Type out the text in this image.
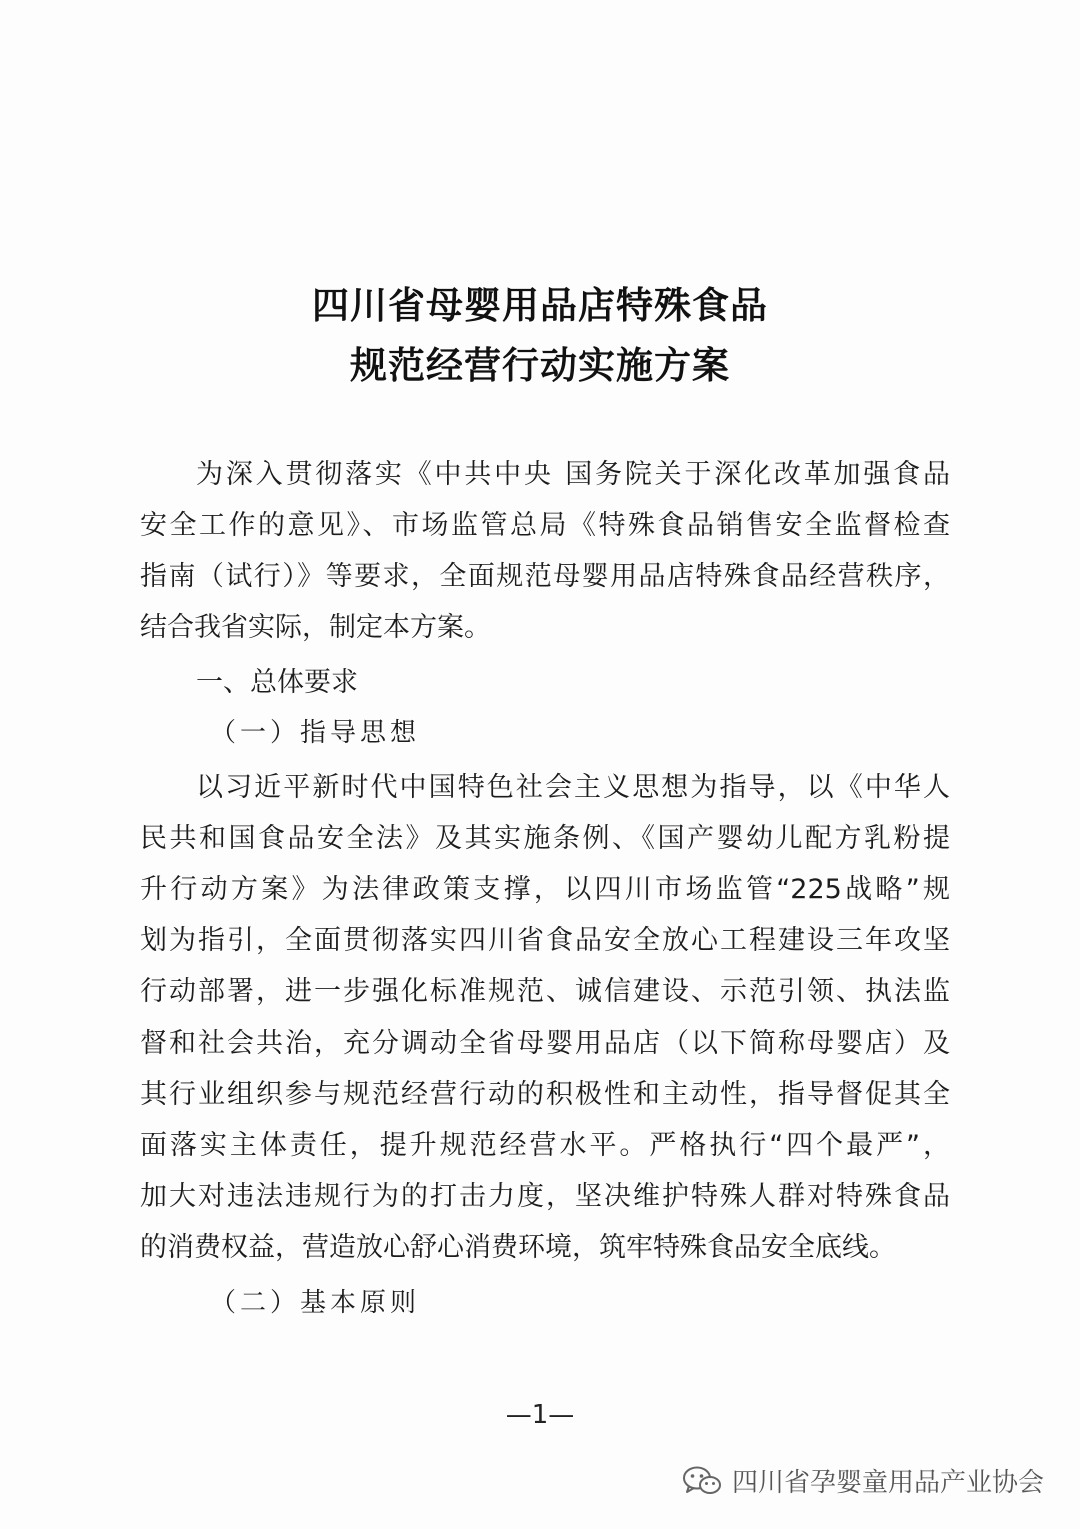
四川省母婴用品店特殊食品
规范经营行动实施方案
为深入贯彻落实《中共中央 国务院关于深化改革加强食品
安全工作的意见》、市场监管总局《特殊食品销售安全监督检查
指南（试行）》等要求，全面规范母婴用品店特殊食品经营秩序，
结合我省实际，制定本方案。
一、总体要求
（一）指导思想
以习近平新时代中国特色社会主义思想为指导，以《中华人
民共和国食品安全法》及其实施条例、《国产婴幼儿配方乳粉提
升行动方案》为法律政策支撑，以四川市场监管“225战略”规
划为指引，全面贯彻落实四川省食品安全放心工程建设三年攻坚
行动部署，进一步强化标准规范、诚信建设、示范引领、执法监
督和社会共治，充分调动全省母婴用品店（以下简称母婴店）及
其行业组织参与规范经营行动的积极性和主动性，指导督促其全
面落实主体责任，提升规范经营水平。严格执行“四个最严”，
加大对违法违规行为的打击力度，坚决维护特殊人群对特殊食品
的消费权益，营造放心舒心消费环境，筑牢特殊食品安全底线。
（二）基本原则
—1—
四川省孕婴童用品产业协会
